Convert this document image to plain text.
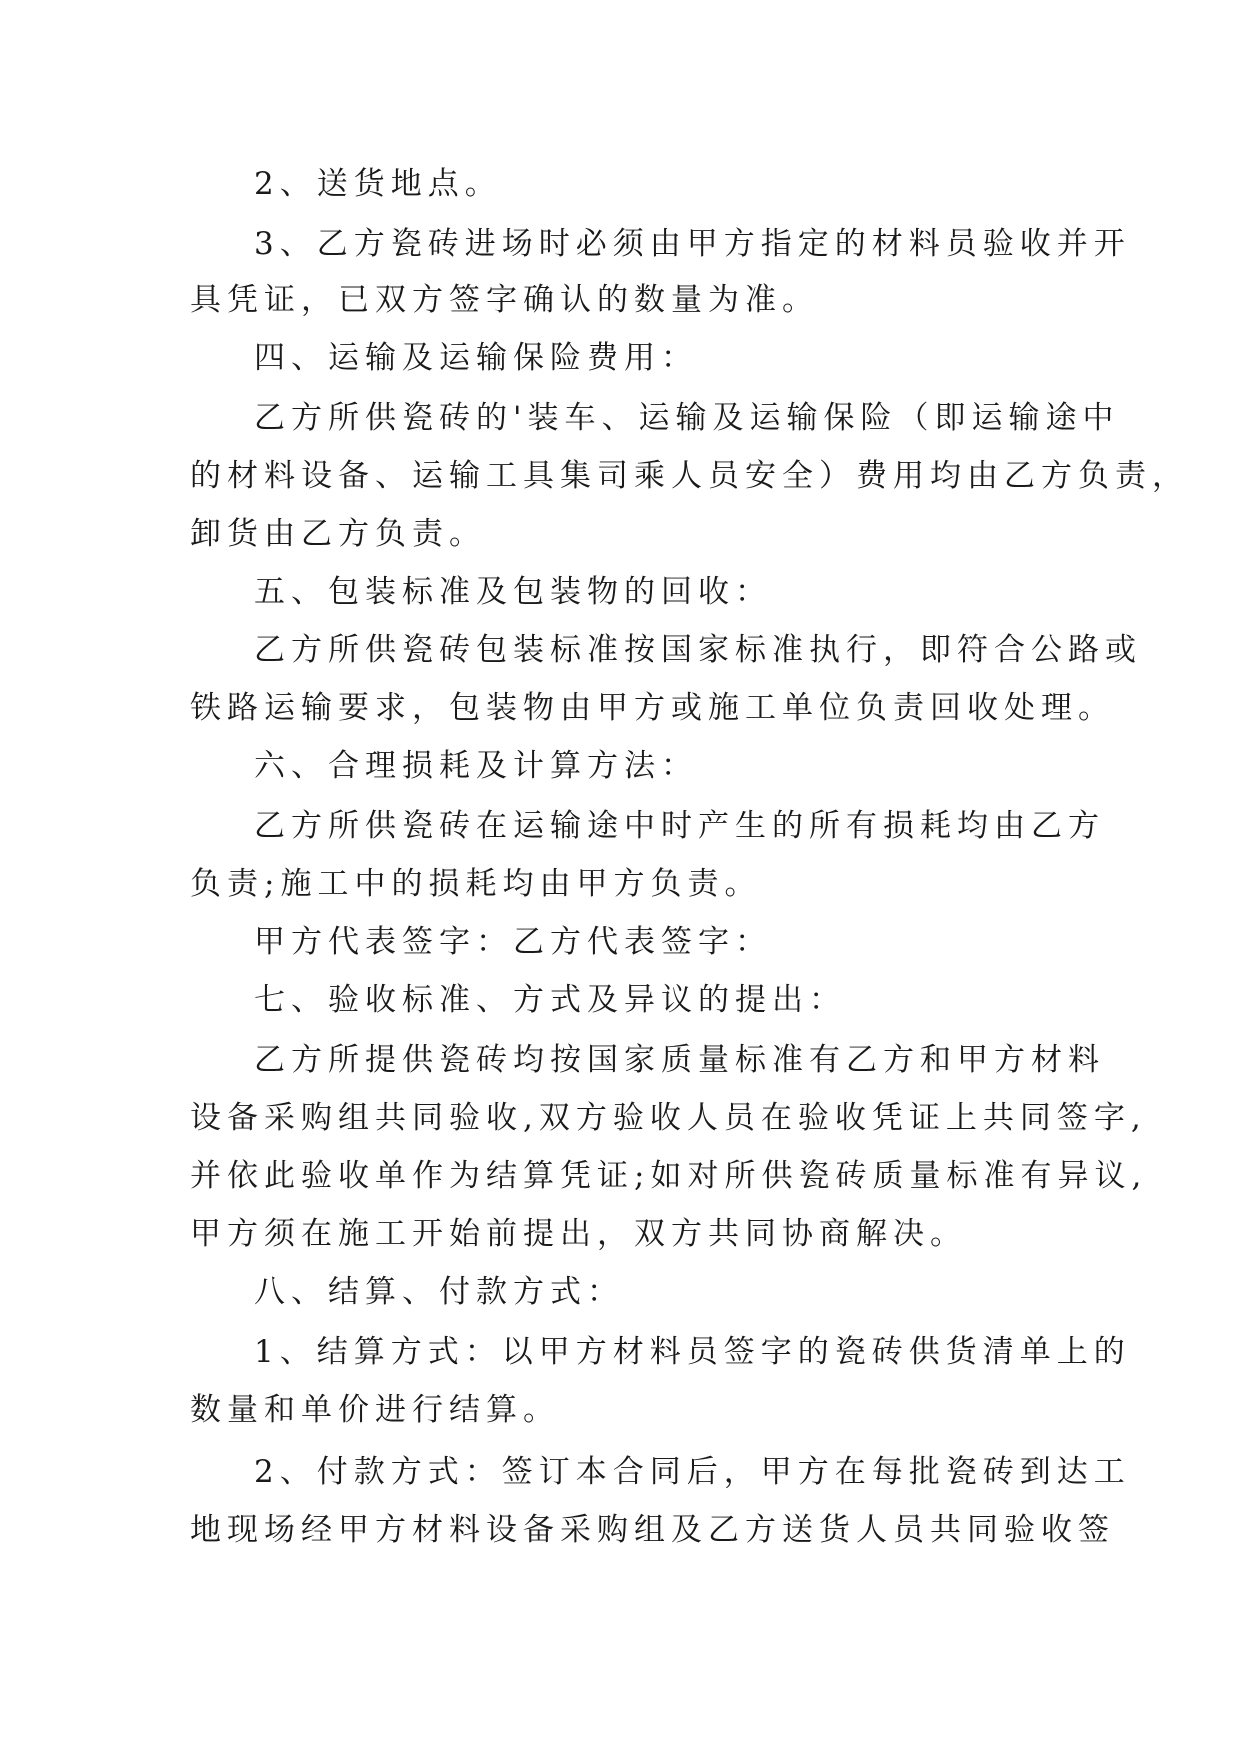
2、送货地点。
3、乙方瓷砖进场时必须由甲方指定的材料员验收并开
具凭证，已双方签字确认的数量为准。
四、运输及运输保险费用：
乙方所供瓷砖的'装车、运输及运输保险（即运输途中
的材料设备、运输工具集司乘人员安全）费用均由乙方负责，
卸货由乙方负责。
五、包装标准及包装物的回收：
乙方所供瓷砖包装标准按国家标准执行，即符合公路或
铁路运输要求，包装物由甲方或施工单位负责回收处理。
六、合理损耗及计算方法：
乙方所供瓷砖在运输途中时产生的所有损耗均由乙方
负责;施工中的损耗均由甲方负责。
甲方代表签字：乙方代表签字：
七、验收标准、方式及异议的提出：
乙方所提供瓷砖均按国家质量标准有乙方和甲方材料
设备采购组共同验收,双方验收人员在验收凭证上共同签字,
并依此验收单作为结算凭证;如对所供瓷砖质量标准有异议,
甲方须在施工开始前提出，双方共同协商解决。
八、结算、付款方式：
1、结算方式：以甲方材料员签字的瓷砖供货清单上的
数量和单价进行结算。
2、付款方式：签订本合同后，甲方在每批瓷砖到达工
地现场经甲方材料设备采购组及乙方送货人员共同验收签
